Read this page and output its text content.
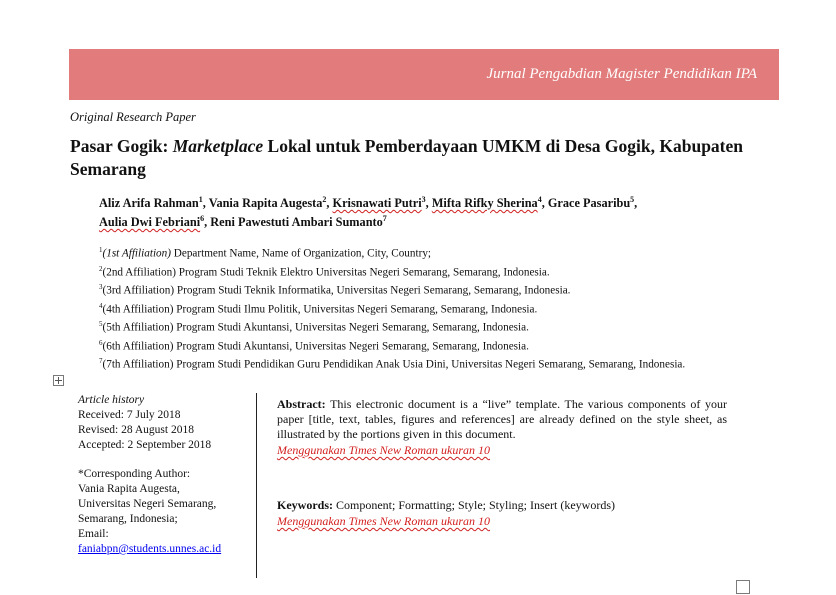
Jurnal Pengabdian Magister Pendidikan IPA
Original Research Paper
Pasar Gogik: Marketplace Lokal untuk Pemberdayaan UMKM di Desa Gogik, Kabupaten Semarang
Aliz Arifa Rahman$^1$, Vania Rapita Augesta$^2$, Krisnawati Putri$^3$, Mifta Rifky Sherina$^4$, Grace Pasaribu$^5$,
Aulia Dwi Febriani$^6$, Reni Pawestuti Ambari Sumanto$^7$
$^1$(1st Affiliation) Department Name, Name of Organization, City, Country;
$^2$(2nd Affiliation) Program Studi Teknik Elektro Universitas Negeri Semarang, Semarang, Indonesia.
$^3$(3rd Affiliation) Program Studi Teknik Informatika, Universitas Negeri Semarang, Semarang, Indonesia.
$^4$(4th Affiliation) Program Studi Ilmu Politik, Universitas Negeri Semarang, Semarang, Indonesia.
$^5$(5th Affiliation) Program Studi Akuntansi, Universitas Negeri Semarang, Semarang, Indonesia.
$^6$(6th Affiliation) Program Studi Akuntansi, Universitas Negeri Semarang, Semarang, Indonesia.
$^7$(7th Affiliation) Program Studi Pendidikan Guru Pendidikan Anak Usia Dini, Universitas Negeri Semarang, Semarang, Indonesia.
Article history
Received: 7 July 2018
Revised: 28 August 2018
Accepted: 2 September 2018
*Corresponding Author:
Vania Rapita Augesta,
Universitas Negeri Semarang,
Semarang, Indonesia;
Email:
faniabpn@students.unnes.ac.id
Abstract: This electronic document is a “live” template. The various components of your paper [title, text, tables, figures and references] are already defined on the style sheet, as illustrated by the portions given in this document.
Menggunakan Times New Roman ukuran 10
Keywords: Component; Formatting; Style; Styling; Insert (keywords)
Menggunakan Times New Roman ukuran 10
